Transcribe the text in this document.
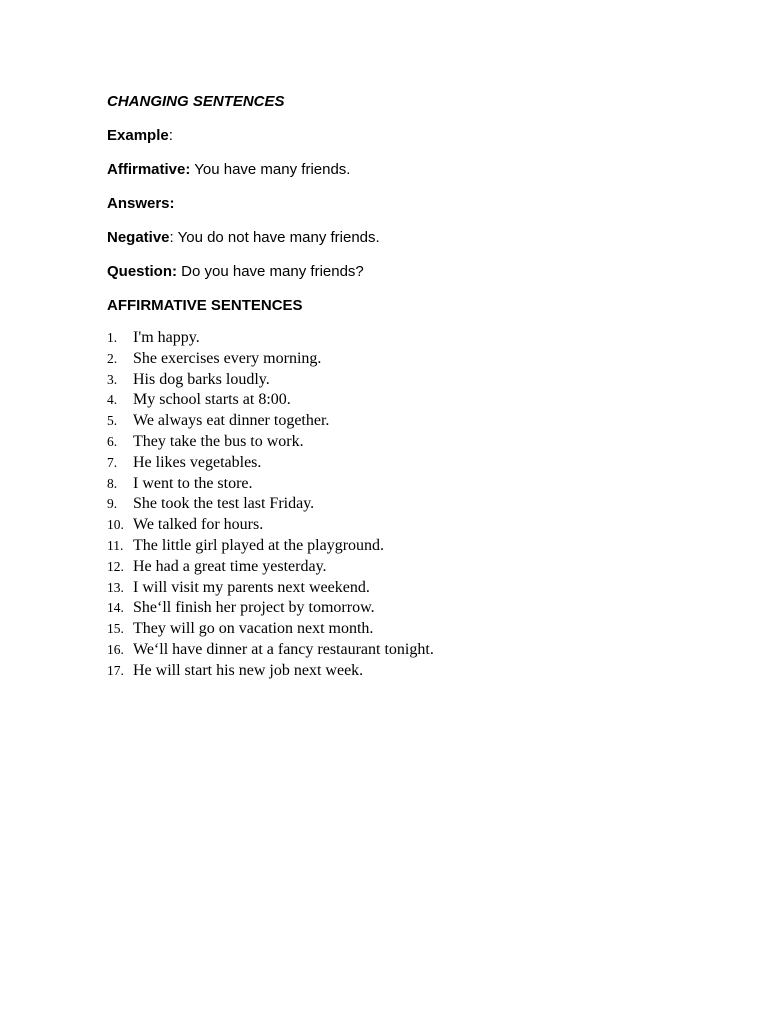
CHANGING SENTENCES

Example:

Affirmative: You have many friends.

Answers:

Negative: You do not have many friends.

Question: Do you have many friends?

AFFIRMATIVE SENTENCES

1. I'm happy.
2. She exercises every morning.
3. His dog barks loudly.
4. My school starts at 8:00.
5. We always eat dinner together.
6. They take the bus to work.
7. He likes vegetables.
8. I went to the store.
9. She took the test last Friday.
10. We talked for hours.
11. The little girl played at the playground.
12. He had a great time yesterday.
13. I will visit my parents next weekend.
14. She‘ll finish her project by tomorrow.
15. They will go on vacation next month.
16. We‘ll have dinner at a fancy restaurant tonight.
17. He will start his new job next week.
